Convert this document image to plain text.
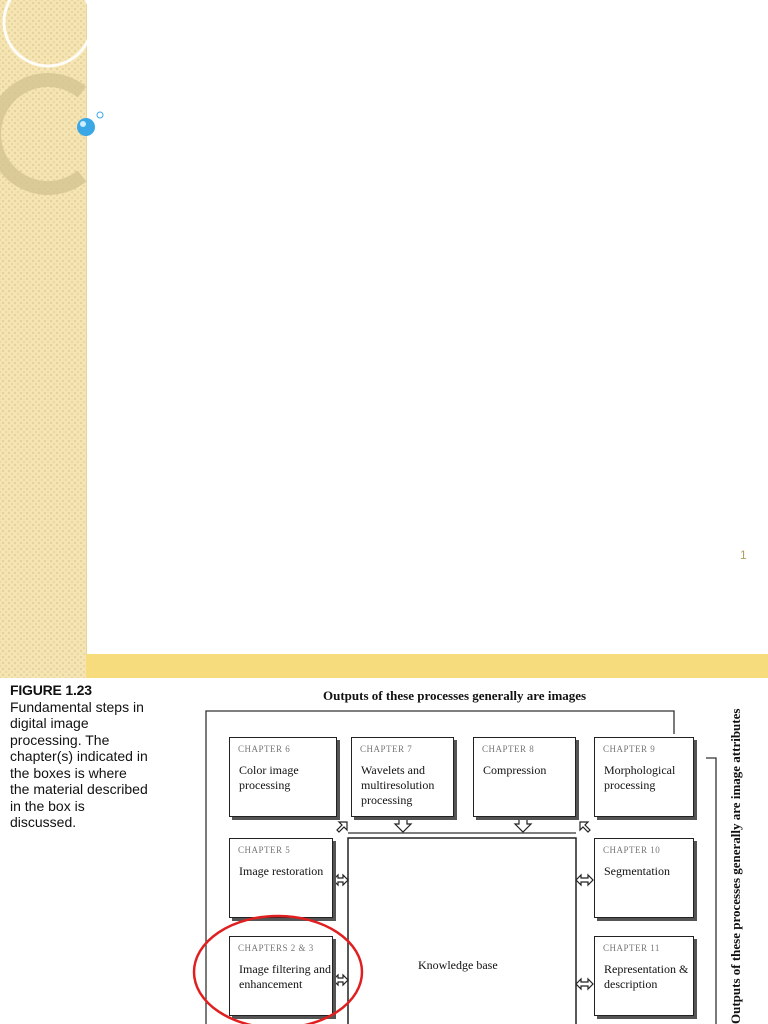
1
FIGURE 1.23
Fundamental steps in digital image processing. The chapter(s) indicated in the boxes is where the material described in the box is discussed.
Outputs of these processes generally are images
Outputs of these processes generally are image attributes
Knowledge base
CHAPTER 6
Color image processing
CHAPTER 7
Wavelets and multiresolution processing
CHAPTER 8
Compression
CHAPTER 9
Morphological processing
CHAPTER 5
Image restoration
CHAPTER 10
Segmentation
CHAPTERS 2 & 3
Image filtering and enhancement
CHAPTER 11
Representation & description
